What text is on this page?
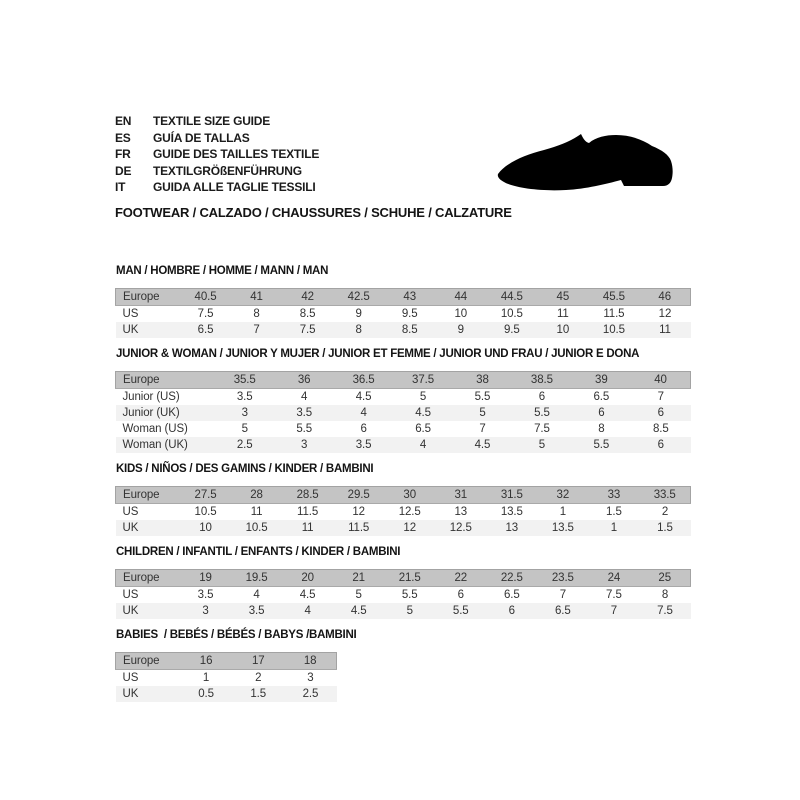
EN	TEXTILE SIZE GUIDE
ES	GUÍA DE TALLAS
FR	GUIDE DES TAILLES TEXTILE
DE	TEXTILGRÖßENFÜHRUNG
IT	GUIDA ALLE TAGLIE TESSILI
FOOTWEAR / CALZADO / CHAUSSURES / SCHUHE / CALZATURE
MAN / HOMBRE / HOMME / MANN / MAN
Europe	40.5	41	42	42.5	43	44	44.5	45	45.5	46
US	7.5	8	8.5	9	9.5	10	10.5	11	11.5	12
UK	6.5	7	7.5	8	8.5	9	9.5	10	10.5	11
JUNIOR & WOMAN / JUNIOR Y MUJER / JUNIOR ET FEMME / JUNIOR UND FRAU / JUNIOR E DONA
Europe	35.5	36	36.5	37.5	38	38.5	39	40
Junior (US)	3.5	4	4.5	5	5.5	6	6.5	7
Junior (UK)	3	3.5	4	4.5	5	5.5	6	6
Woman (US)	5	5.5	6	6.5	7	7.5	8	8.5
Woman (UK)	2.5	3	3.5	4	4.5	5	5.5	6
KIDS / NIÑOS / DES GAMINS / KINDER / BAMBINI
Europe	27.5	28	28.5	29.5	30	31	31.5	32	33	33.5
US	10.5	11	11.5	12	12.5	13	13.5	1	1.5	2
UK	10	10.5	11	11.5	12	12.5	13	13.5	1	1.5
CHILDREN / INFANTIL / ENFANTS / KINDER / BAMBINI
Europe	19	19.5	20	21	21.5	22	22.5	23.5	24	25
US	3.5	4	4.5	5	5.5	6	6.5	7	7.5	8
UK	3	3.5	4	4.5	5	5.5	6	6.5	7	7.5
BABIES  / BEBÉS / BÉBÉS / BABYS /BAMBINI
Europe	16	17	18
US	1	2	3
UK	0.5	1.5	2.5
